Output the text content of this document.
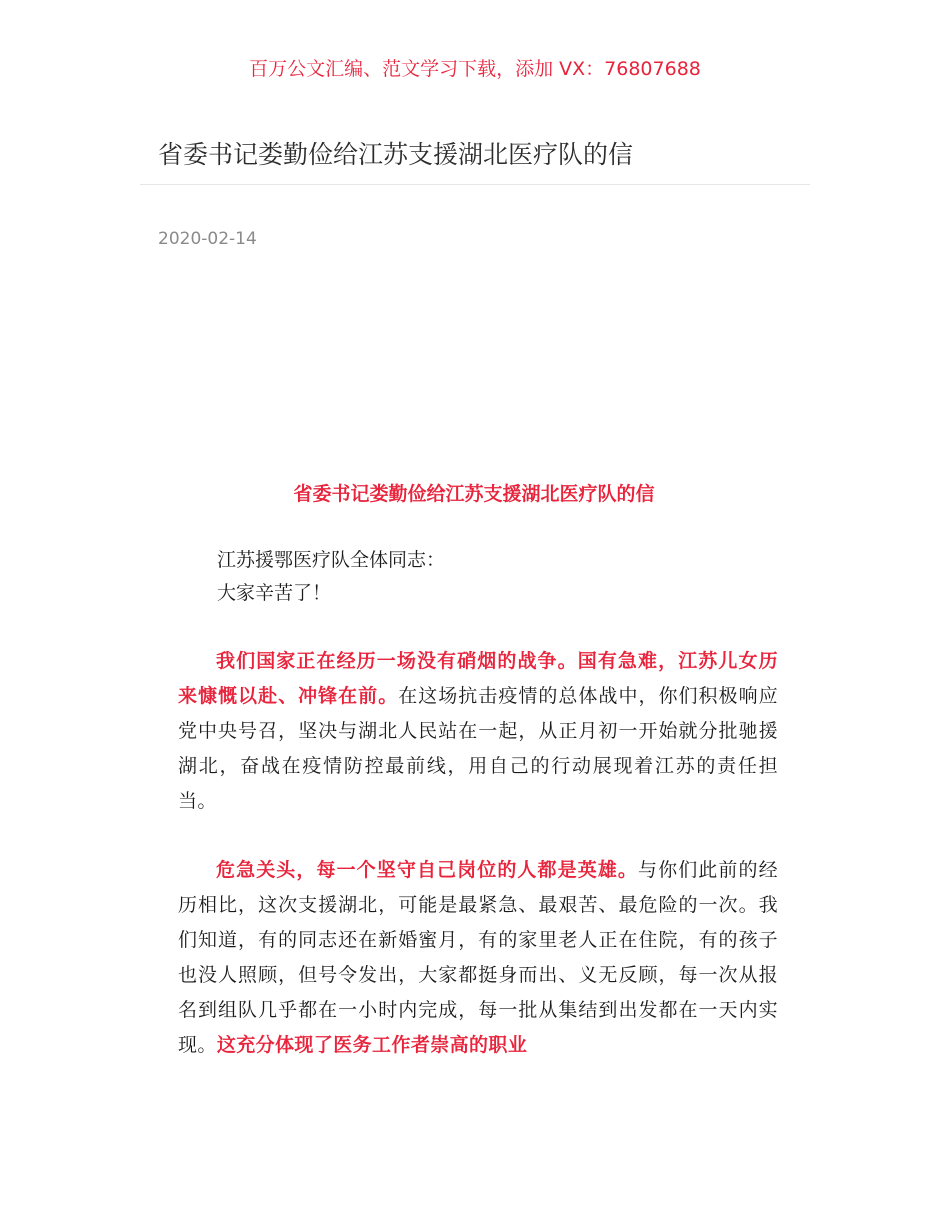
百万公文汇编、范文学习下载，添加 VX：76807688
省委书记娄勤俭给江苏支援湖北医疗队的信
2020-02-14
省委书记娄勤俭给江苏支援湖北医疗队的信
江苏援鄂医疗队全体同志：
大家辛苦了！

我们国家正在经历一场没有硝烟的战争。国有急难，江苏儿女历来慷慨以赴、冲锋在前。在这场抗击疫情的总体战中，你们积极响应党中央号召，坚决与湖北人民站在一起，从正月初一开始就分批驰援湖北，奋战在疫情防控最前线，用自己的行动展现着江苏的责任担当。

危急关头，每一个坚守自己岗位的人都是英雄。与你们此前的经历相比，这次支援湖北，可能是最紧急、最艰苦、最危险的一次。我们知道，有的同志还在新婚蜜月，有的家里老人正在住院，有的孩子也没人照顾，但号令发出，大家都挺身而出、义无反顾，每一次从报名到组队几乎都在一小时内完成，每一批从集结到出发都在一天内实现。这充分体现了医务工作者崇高的职业
